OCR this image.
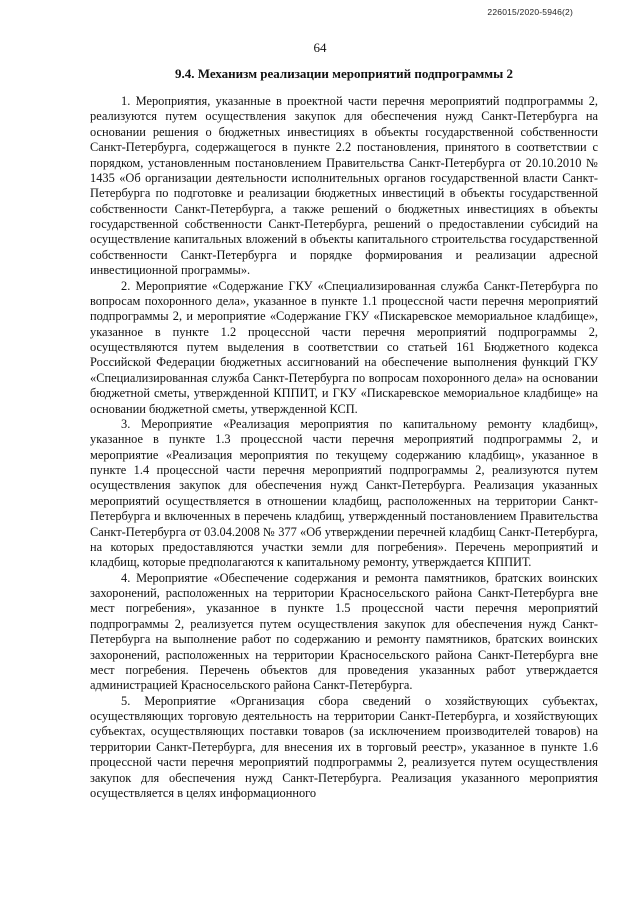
226015/2020-5946(2)
64
9.4. Механизм реализации мероприятий подпрограммы 2

1. Мероприятия, указанные в проектной части перечня мероприятий подпрограммы 2, реализуются путем осуществления закупок для обеспечения нужд Санкт-Петербурга на основании решения о бюджетных инвестициях в объекты государственной собственности Санкт-Петербурга, содержащегося в пункте 2.2 постановления, принятого в соответствии с порядком, установленным постановлением Правительства Санкт-Петербурга от 20.10.2010 № 1435 «Об организации деятельности исполнительных органов государственной власти Санкт-Петербурга по подготовке и реализации бюджетных инвестиций в объекты государственной собственности Санкт-Петербурга, а также решений о бюджетных инвестициях в объекты государственной собственности Санкт-Петербурга, решений о предоставлении субсидий на осуществление капитальных вложений в объекты капитального строительства государственной собственности Санкт-Петербурга и порядке формирования и реализации адресной инвестиционной программы».

2. Мероприятие «Содержание ГКУ «Специализированная служба Санкт-Петербурга по вопросам похоронного дела», указанное в пункте 1.1 процессной части перечня мероприятий подпрограммы 2, и мероприятие «Содержание ГКУ «Пискаревское мемориальное кладбище», указанное в пункте 1.2 процессной части перечня мероприятий подпрограммы 2, осуществляются путем выделения в соответствии со статьей 161 Бюджетного кодекса Российской Федерации бюджетных ассигнований на обеспечение выполнения функций ГКУ «Специализированная служба Санкт-Петербурга по вопросам похоронного дела» на основании бюджетной сметы, утвержденной КППИТ, и ГКУ «Пискаревское мемориальное кладбище» на основании бюджетной сметы, утвержденной КСП.

3. Мероприятие «Реализация мероприятия по капитальному ремонту кладбищ», указанное в пункте 1.3 процессной части перечня мероприятий подпрограммы 2, и мероприятие «Реализация мероприятия по текущему содержанию кладбищ», указанное в пункте 1.4 процессной части перечня мероприятий подпрограммы 2, реализуются путем осуществления закупок для обеспечения нужд Санкт-Петербурга. Реализация указанных мероприятий осуществляется в отношении кладбищ, расположенных на территории Санкт-Петербурга и включенных в перечень кладбищ, утвержденный постановлением Правительства Санкт-Петербурга от 03.04.2008 № 377 «Об утверждении перечней кладбищ Санкт-Петербурга, на которых предоставляются участки земли для погребения». Перечень мероприятий и кладбищ, которые предполагаются к капитальному ремонту, утверждается КППИТ.

4. Мероприятие «Обеспечение содержания и ремонта памятников, братских воинских захоронений, расположенных на территории Красносельского района Санкт-Петербурга вне мест погребения», указанное в пункте 1.5 процессной части перечня мероприятий подпрограммы 2, реализуется путем осуществления закупок для обеспечения нужд Санкт-Петербурга на выполнение работ по содержанию и ремонту памятников, братских воинских захоронений, расположенных на территории Красносельского района Санкт-Петербурга вне мест погребения. Перечень объектов для проведения указанных работ утверждается администрацией Красносельского района Санкт-Петербурга.

5. Мероприятие «Организация сбора сведений о хозяйствующих субъектах, осуществляющих торговую деятельность на территории Санкт-Петербурга, и хозяйствующих субъектах, осуществляющих поставки товаров (за исключением производителей товаров) на территории Санкт-Петербурга, для внесения их в торговый реестр», указанное в пункте 1.6 процессной части перечня мероприятий подпрограммы 2, реализуется путем осуществления закупок для обеспечения нужд Санкт-Петербурга. Реализация указанного мероприятия осуществляется в целях информационного
